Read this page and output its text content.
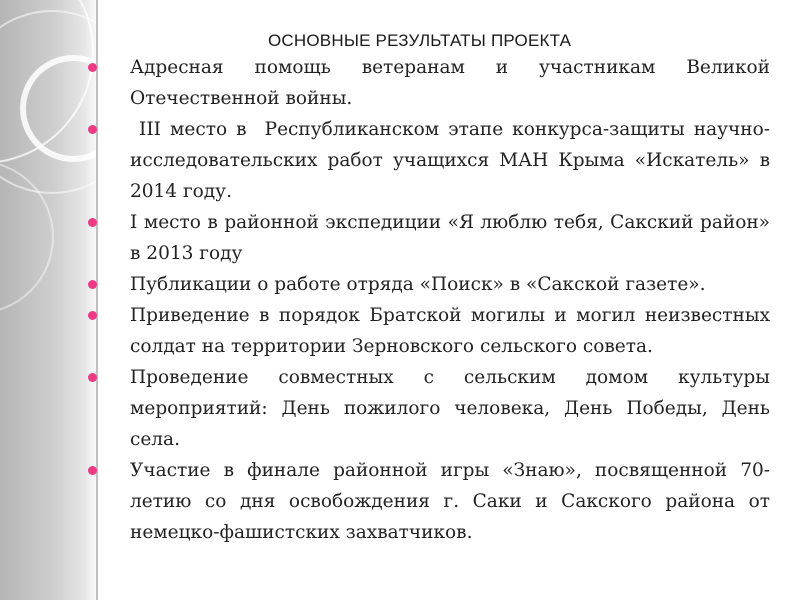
ОСНОВНЫЕ РЕЗУЛЬТАТЫ ПРОЕКТА
Адресная помощь ветеранам и участникам Великой Отечественной войны.
III место в  Республиканском этапе конкурса-защиты научно-исследовательских работ учащихся МАН Крыма «Искатель» в 2014 году.
I место в районной экспедиции «Я люблю тебя, Сакский район» в 2013 году
Публикации о работе отряда «Поиск» в «Сакской газете».
Приведение в порядок Братской могилы и могил неизвестных солдат на территории Зерновского сельского совета.
Проведение совместных с сельским домом культуры мероприятий: День пожилого человека, День Победы, День села.
Участие в финале районной игры «Знаю», посвященной 70-летию со дня освобождения г. Саки и Сакского района от немецко-фашистских захватчиков.
